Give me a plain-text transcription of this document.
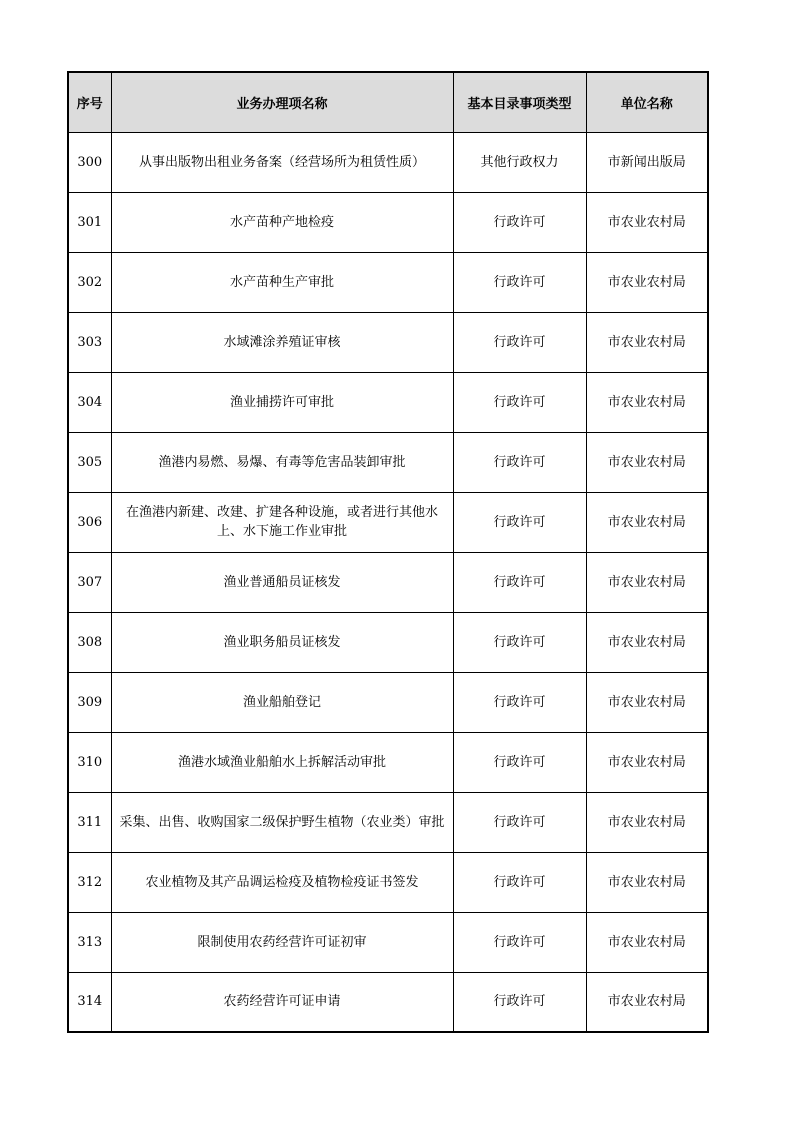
序号	业务办理项名称	基本目录事项类型	单位名称
300	从事出版物出租业务备案（经营场所为租赁性质）	其他行政权力	市新闻出版局
301	水产苗种产地检疫	行政许可	市农业农村局
302	水产苗种生产审批	行政许可	市农业农村局
303	水域滩涂养殖证审核	行政许可	市农业农村局
304	渔业捕捞许可审批	行政许可	市农业农村局
305	渔港内易燃、易爆、有毒等危害品装卸审批	行政许可	市农业农村局
306	在渔港内新建、改建、扩建各种设施，或者进行其他水上、水下施工作业审批	行政许可	市农业农村局
307	渔业普通船员证核发	行政许可	市农业农村局
308	渔业职务船员证核发	行政许可	市农业农村局
309	渔业船舶登记	行政许可	市农业农村局
310	渔港水域渔业船舶水上拆解活动审批	行政许可	市农业农村局
311	采集、出售、收购国家二级保护野生植物（农业类）审批	行政许可	市农业农村局
312	农业植物及其产品调运检疫及植物检疫证书签发	行政许可	市农业农村局
313	限制使用农药经营许可证初审	行政许可	市农业农村局
314	农药经营许可证申请	行政许可	市农业农村局
